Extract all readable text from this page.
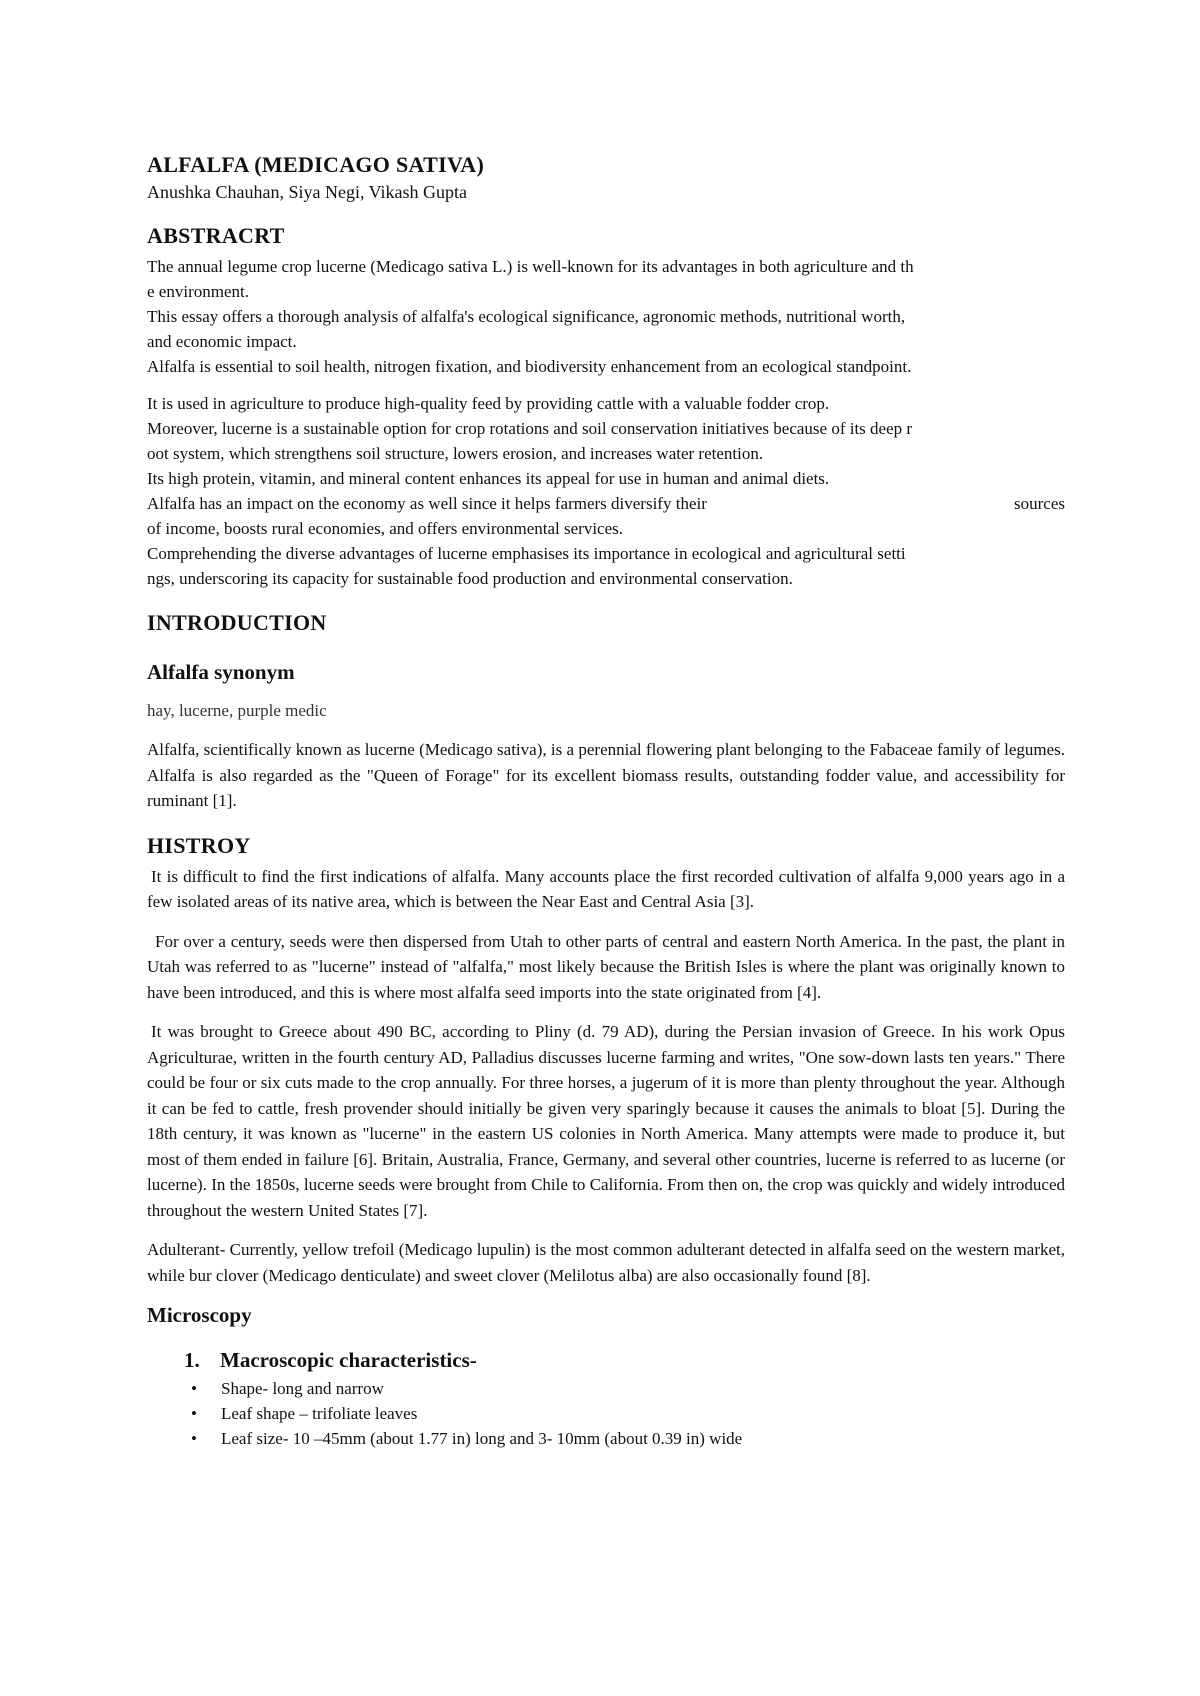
ALFALFA (MEDICAGO SATIVA)

Anushka Chauhan, Siya Negi, Vikash Gupta

ABSTRACRT

The annual legume crop lucerne (Medicago sativa L.) is well-known for its advantages in both agriculture and th

e environment.

This essay offers a thorough analysis of alfalfa's ecological significance, agronomic methods, nutritional worth,

and economic impact.

Alfalfa is essential to soil health, nitrogen fixation, and biodiversity enhancement from an ecological standpoint.

It is used in agriculture to produce high-quality feed by providing cattle with a valuable fodder crop.

Moreover, lucerne is a sustainable option for crop rotations and soil conservation initiatives because of its deep r

oot system, which strengthens soil structure, lowers erosion, and increases water retention.

Its high protein, vitamin, and mineral content enhances its appeal for use in human and animal diets.

Alfalfa has an impact on the economy as well since it helps farmers diversify their	sources

of income, boosts rural economies, and offers environmental services.

Comprehending the diverse advantages of lucerne emphasises its importance in ecological and agricultural setti

ngs, underscoring its capacity for sustainable food production and environmental conservation.

INTRODUCTION
Alfalfa synonym

hay, lucerne, purple medic

Alfalfa, scientifically known as lucerne (Medicago sativa), is a perennial flowering plant belonging to the Fabaceae family of legumes. Alfalfa is also regarded as the "Queen of Forage" for its excellent biomass results, outstanding fodder value, and accessibility for ruminant [1].

HISTROY

It is difficult to find the first indications of alfalfa. Many accounts place the first recorded cultivation of alfalfa 9,000 years ago in a few isolated areas of its native area, which is between the Near East and Central Asia [3].

For over a century, seeds were then dispersed from Utah to other parts of central and eastern North America. In the past, the plant in Utah was referred to as "lucerne" instead of "alfalfa," most likely because the British Isles is where the plant was originally known to have been introduced, and this is where most alfalfa seed imports into the state originated from [4].

It was brought to Greece about 490 BC, according to Pliny (d. 79 AD), during the Persian invasion of Greece. In his work Opus Agriculturae, written in the fourth century AD, Palladius discusses lucerne farming and writes, "One sow-down lasts ten years." There could be four or six cuts made to the crop annually. For three horses, a jugerum of it is more than plenty throughout the year. Although it can be fed to cattle, fresh provender should initially be given very sparingly because it causes the animals to bloat [5]. During the 18th century, it was known as "lucerne" in the eastern US colonies in North America. Many attempts were made to produce it, but most of them ended in failure [6]. Britain, Australia, France, Germany, and several other countries, lucerne is referred to as lucerne (or lucerne). In the 1850s, lucerne seeds were brought from Chile to California. From then on, the crop was quickly and widely introduced throughout the western United States [7].

Adulterant- Currently, yellow trefoil (Medicago lupulin) is the most common adulterant detected in alfalfa seed on the western market, while bur clover (Medicago denticulate) and sweet clover (Melilotus alba) are also occasionally found [8].

Microscopy
1. Macroscopic characteristics-
•	Shape- long and narrow
•	Leaf shape – trifoliate leaves
•	Leaf size- 10 –45mm (about 1.77 in) long and 3- 10mm (about 0.39 in) wide
